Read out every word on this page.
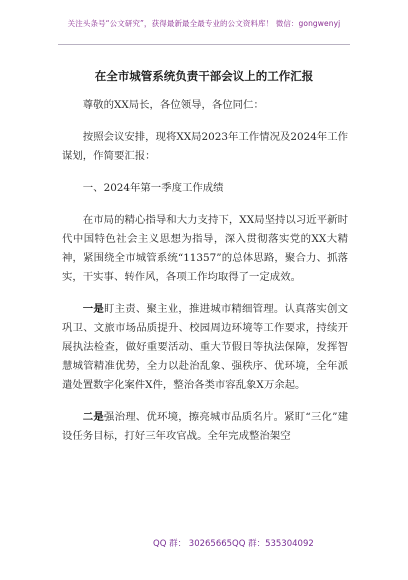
关注头条号“公文研究”，获得最新最全最专业的公文资料库！ 微信：gongwenyj
在全市城管系统负责干部会议上的工作汇报

尊敬的XX局长，各位领导，各位同仁：

按照会议安排，现将XX局2023年工作情况及2024年工作谋划，作简要汇报：

一、2024年第一季度工作成绩

在市局的精心指导和大力支持下，XX局坚持以习近平新时代中国特色社会主义思想为指导，深入贯彻落实党的XX大精神，紧围绕全市城管系统“11357”的总体思路，聚合力、抓落实，干实事、转作风，各项工作均取得了一定成效。

一是盯主责、聚主业，推进城市精细管理。认真落实创文巩卫、文旅市场品质提升、校园周边环境等工作要求，持续开展执法检查，做好重要活动、重大节假日等执法保障，发挥智慧城管精准优势，全力以赴治乱象、强秩序、优环境，全年派遣处置数字化案件X件，整治各类市容乱象X万余起。

二是强治理、优环境，擦亮城市品质名片。紧盯“三化”建设任务目标，打好三年攻官战。全年完成整治架空

QQ 群： 30265665 QQ 群：535304092
